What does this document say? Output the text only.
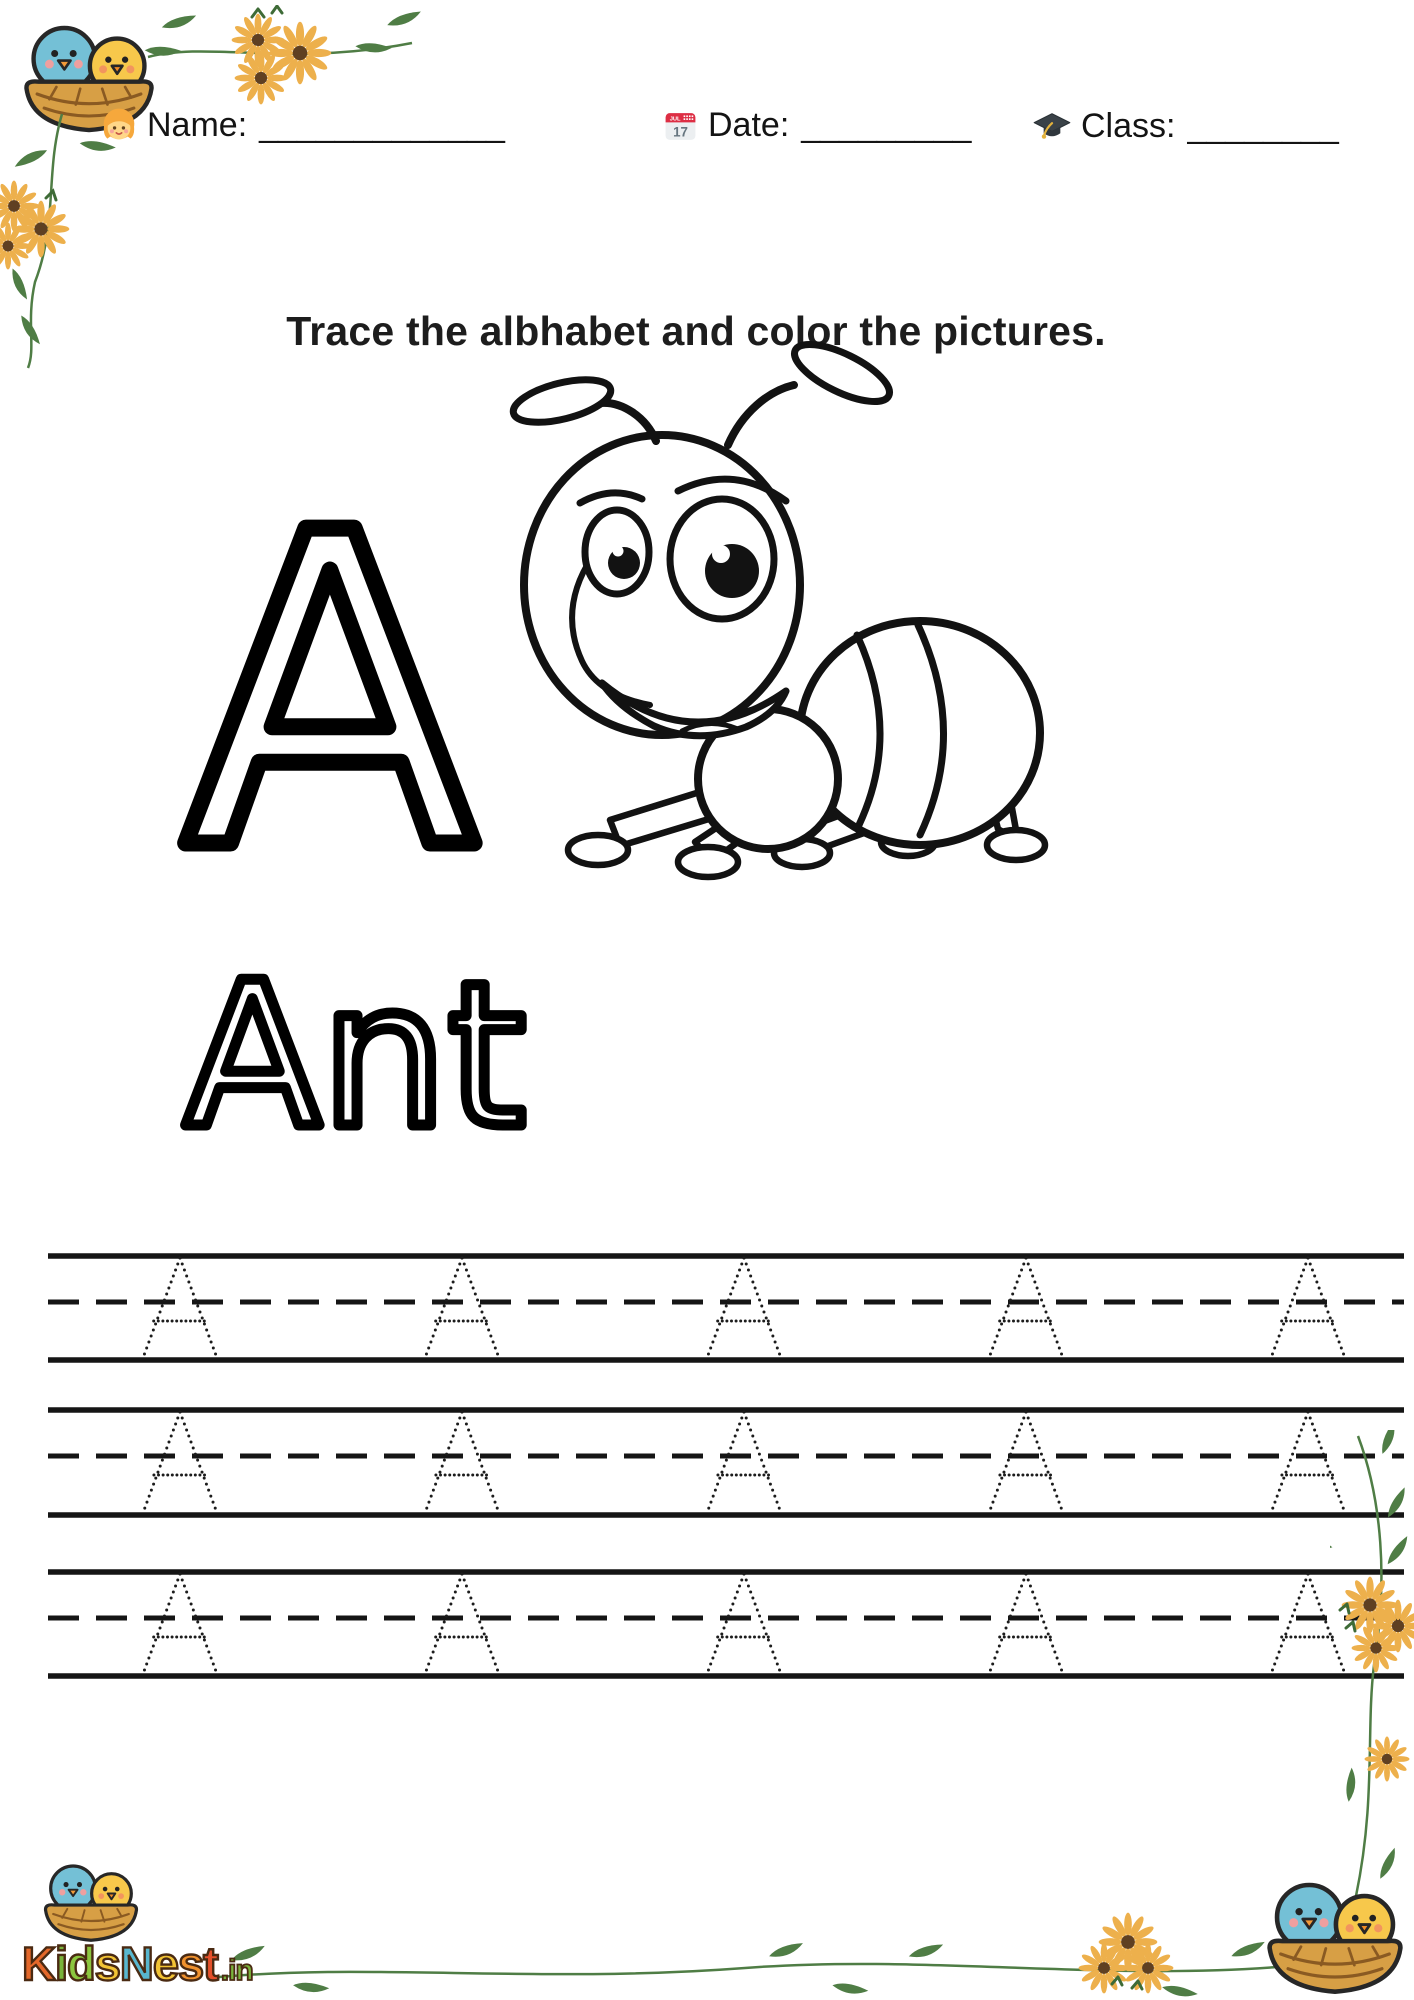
Name: _____________	JUL
17 Date: _________	Class: ________
Trace the albhabet and color the pictures.
A
Ant
KidsNest .in
